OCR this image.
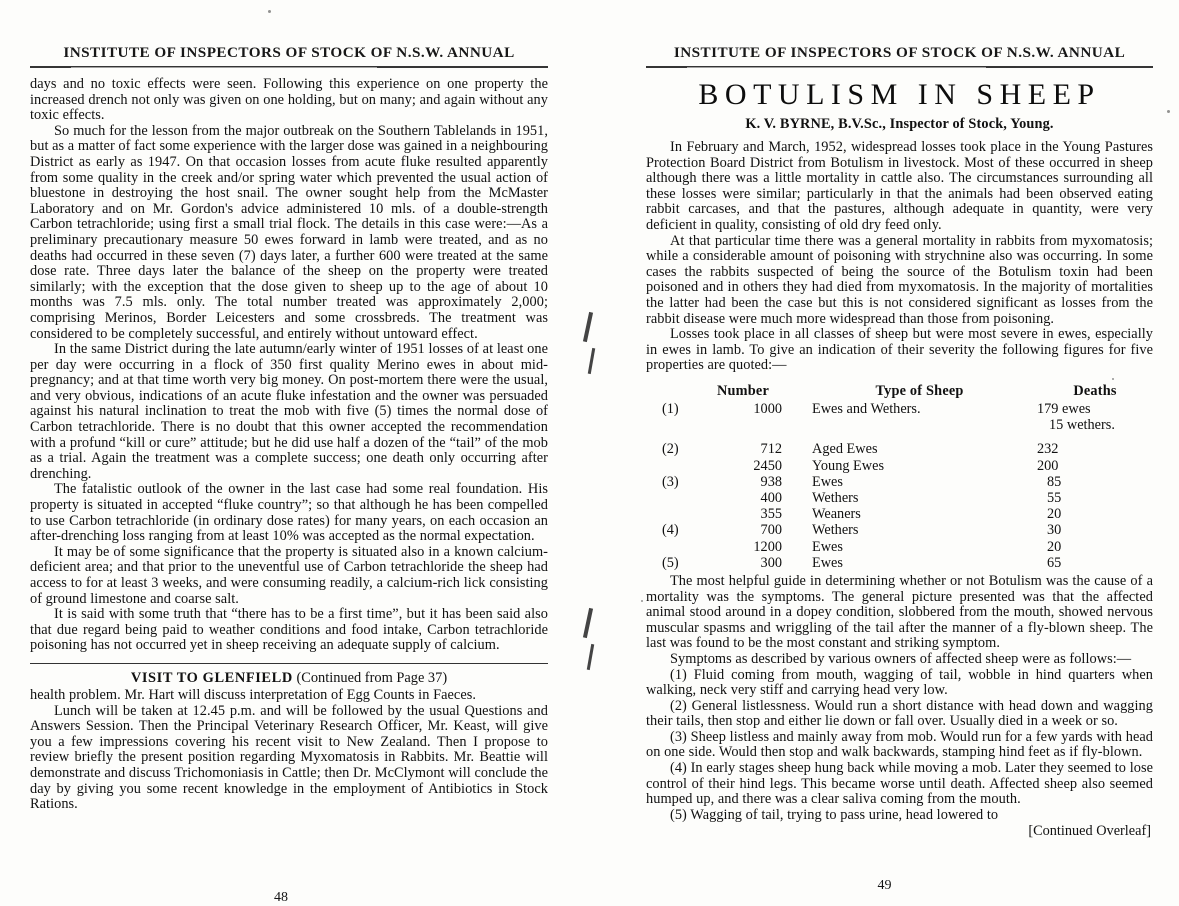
INSTITUTE OF INSPECTORS OF STOCK OF N.S.W. ANNUAL

days and no toxic effects were seen. Following this experience on one property the increased drench not only was given on one holding, but on many; and again without any toxic effects.

So much for the lesson from the major outbreak on the Southern Tablelands in 1951, but as a matter of fact some experience with the larger dose was gained in a neighbouring District as early as 1947. On that occasion losses from acute fluke resulted apparently from some quality in the creek and/or spring water which prevented the usual action of bluestone in destroying the host snail. The owner sought help from the McMaster Laboratory and on Mr. Gordon's advice administered 10 mls. of a double-strength Carbon tetrachloride; using first a small trial flock. The details in this case were:—As a preliminary precautionary measure 50 ewes forward in lamb were treated, and as no deaths had occurred in these seven (7) days later, a further 600 were treated at the same dose rate. Three days later the balance of the sheep on the property were treated similarly; with the exception that the dose given to sheep up to the age of about 10 months was 7.5 mls. only. The total number treated was approximately 2,000; comprising Merinos, Border Leicesters and some crossbreds. The treatment was considered to be completely successful, and entirely without untoward effect.

In the same District during the late autumn/early winter of 1951 losses of at least one per day were occurring in a flock of 350 first quality Merino ewes in about mid-pregnancy; and at that time worth very big money. On post-mortem there were the usual, and very obvious, indications of an acute fluke infestation and the owner was persuaded against his natural inclination to treat the mob with five (5) times the normal dose of Carbon tetrachloride. There is no doubt that this owner accepted the recommendation with a profund “kill or cure” attitude; but he did use half a dozen of the “tail” of the mob as a trial. Again the treatment was a complete success; one death only occurring after drenching.

The fatalistic outlook of the owner in the last case had some real foundation. His property is situated in accepted “fluke country”; so that although he has been compelled to use Carbon tetrachloride (in ordinary dose rates) for many years, on each occasion an after-drenching loss ranging from at least 10% was accepted as the normal expectation.

It may be of some significance that the property is situated also in a known calcium-deficient area; and that prior to the uneventful use of Carbon tetrachloride the sheep had access to for at least 3 weeks, and were consuming readily, a calcium-rich lick consisting of ground limestone and coarse salt.

It is said with some truth that “there has to be a first time”, but it has been said also that due regard being paid to weather conditions and food intake, Carbon tetrachloride poisoning has not occurred yet in sheep receiving an adequate supply of calcium.

VISIT TO GLENFIELD (Continued from Page 37)

health problem. Mr. Hart will discuss interpretation of Egg Counts in Faeces.

Lunch will be taken at 12.45 p.m. and will be followed by the usual Questions and Answers Session. Then the Principal Veterinary Research Officer, Mr. Keast, will give you a few impressions covering his recent visit to New Zealand. Then I propose to review briefly the present position regarding Myxomatosis in Rabbits. Mr. Beattie will demonstrate and discuss Trichomoniasis in Cattle; then Dr. McClymont will conclude the day by giving you some recent knowledge in the employment of Antibiotics in Stock Rations.

48
INSTITUTE OF INSPECTORS OF STOCK OF N.S.W. ANNUAL
BOTULISM IN SHEEP
K. V. BYRNE, B.V.Sc., Inspector of Stock, Young.

In February and March, 1952, widespread losses took place in the Young Pastures Protection Board District from Botulism in livestock. Most of these occurred in sheep although there was a little mortality in cattle also. The circumstances surrounding all these losses were similar; particularly in that the animals had been observed eating rabbit carcases, and that the pastures, although adequate in quantity, were very deficient in quality, consisting of old dry feed only.

At that particular time there was a general mortality in rabbits from myxomatosis; while a considerable amount of poisoning with strychnine also was occurring. In some cases the rabbits suspected of being the source of the Botulism toxin had been poisoned and in others they had died from myxomatosis. In the majority of mortalities the latter had been the case but this is not considered significant as losses from the rabbit disease were much more widespread than those from poisoning.

Losses took place in all classes of sheep but were most severe in ewes, especially in ewes in lamb. To give an indication of their severity the following figures for five properties are quoted:—

	Number	Type of Sheep	Deaths
(1)	1000	Ewes and Wethers.	179 ewes
			15 wethers.

(2)	712	Aged Ewes	232
	2450	Young Ewes	200
(3)	938	Ewes	85
	400	Wethers	55
	355	Weaners	20
(4)	700	Wethers	30
	1200	Ewes	20
(5)	300	Ewes	65

The most helpful guide in determining whether or not Botulism was the cause of a mortality was the symptoms. The general picture presented was that the affected animal stood around in a dopey condition, slobbered from the mouth, showed nervous muscular spasms and wriggling of the tail after the manner of a fly-blown sheep. The last was found to be the most constant and striking symptom.

Symptoms as described by various owners of affected sheep were as follows:—

(1) Fluid coming from mouth, wagging of tail, wobble in hind quarters when walking, neck very stiff and carrying head very low.

(2) General listlessness. Would run a short distance with head down and wagging their tails, then stop and either lie down or fall over. Usually died in a week or so.

(3) Sheep listless and mainly away from mob. Would run for a few yards with head on one side. Would then stop and walk backwards, stamping hind feet as if fly-blown.

(4) In early stages sheep hung back while moving a mob. Later they seemed to lose control of their hind legs. This became worse until death. Affected sheep also seemed humped up, and there was a clear saliva coming from the mouth.

(5) Wagging of tail, trying to pass urine, head lowered to

[Continued Overleaf]

49
